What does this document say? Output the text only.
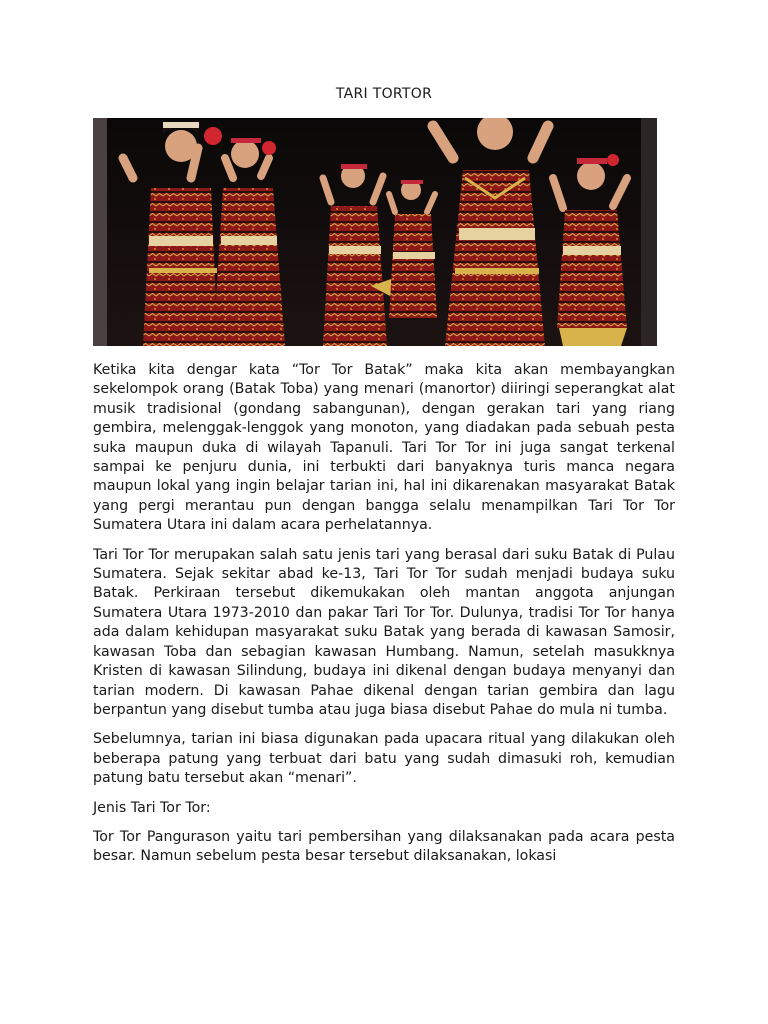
TARI TORTOR

Ketika kita dengar kata “Tor Tor Batak” maka kita akan membayangkan sekelompok orang (Batak Toba) yang menari (manortor) diiringi seperangkat alat musik tradisional (gondang sabangunan), dengan gerakan tari yang riang gembira, melenggak-lenggok yang monoton, yang diadakan pada sebuah pesta suka maupun duka di wilayah Tapanuli. Tari Tor Tor ini juga sangat terkenal sampai ke penjuru dunia, ini terbukti dari banyaknya turis manca negara maupun lokal yang ingin belajar tarian ini, hal ini dikarenakan masyarakat Batak yang pergi merantau pun dengan bangga selalu menampilkan Tari Tor Tor Sumatera Utara ini dalam acara perhelatannya.

Tari Tor Tor merupakan salah satu jenis tari yang berasal dari suku Batak di Pulau Sumatera. Sejak sekitar abad ke-13, Tari Tor Tor sudah menjadi budaya suku Batak. Perkiraan tersebut dikemukakan oleh mantan anggota anjungan Sumatera Utara 1973-2010 dan pakar Tari Tor Tor. Dulunya, tradisi Tor Tor hanya ada dalam kehidupan masyarakat suku Batak yang berada di kawasan Samosir, kawasan Toba dan sebagian kawasan Humbang. Namun, setelah masukknya Kristen di kawasan Silindung, budaya ini dikenal dengan budaya menyanyi dan tarian modern. Di kawasan Pahae dikenal dengan tarian gembira dan lagu berpantun yang disebut tumba atau juga biasa disebut Pahae do mula ni tumba.

Sebelumnya, tarian ini biasa digunakan pada upacara ritual yang dilakukan oleh beberapa patung yang terbuat dari batu yang sudah dimasuki roh, kemudian patung batu tersebut akan “menari”.

Jenis Tari Tor Tor:

Tor Tor Pangurason yaitu tari pembersihan yang dilaksanakan pada acara pesta besar. Namun sebelum pesta besar tersebut dilaksanakan, lokasi
